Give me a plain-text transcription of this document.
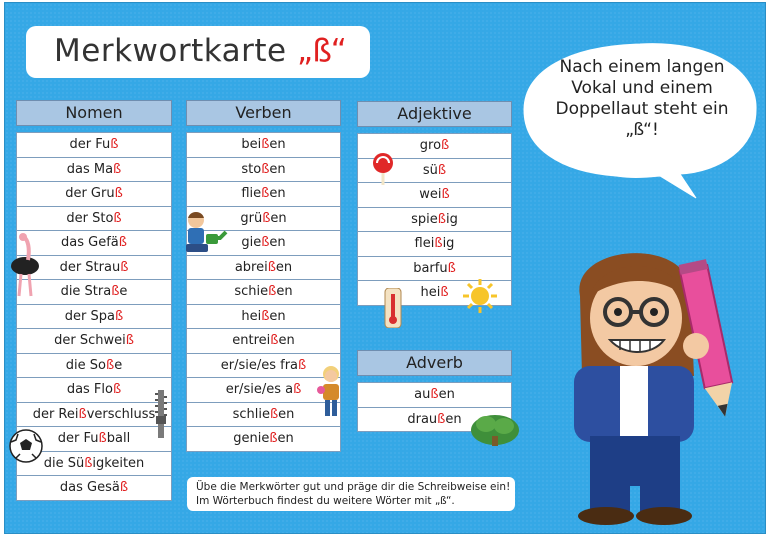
Merkwortkarte „ß“
Nomen
der Fuß
das Maß
der Gruß
der Stoß
das Gefäß
der Strauß
die Straße
der Spaß
der Schweiß
die Soße
das Floß
der Reißverschluss
der Fußball
die Süßigkeiten
das Gesäß
Verben
beißen
stoßen
fließen
grüßen
gießen
abreißen
schießen
heißen
entreißen
er/sie/es fraß
er/sie/es aß
schließen
genießen
Adjektive
groß
süß
weiß
spießig
fleißig
barfuß
heiß
Adverb
außen
draußen
Nach einem langen Vokal und einem Doppellaut steht ein „ß“!
Übe die Merkwörter gut und präge dir die Schreibweise ein!
Im Wörterbuch findest du weitere Wörter mit „ß“.
